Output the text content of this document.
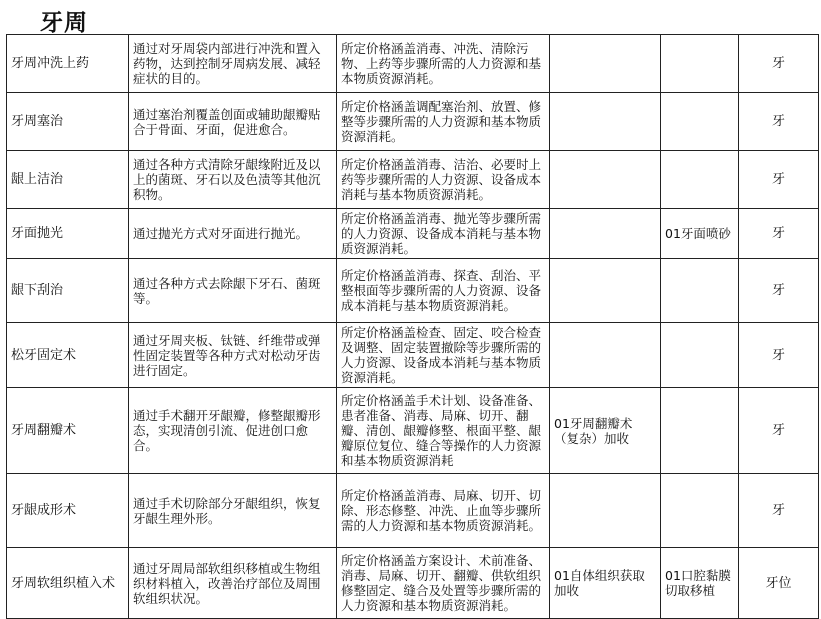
牙周
牙周冲洗上药	通过对牙周袋内部进行冲洗和置入药物，达到控制牙周病发展、减轻症状的目的。	所定价格涵盖消毒、冲洗、清除污物、上药等步骤所需的人力资源和基本物质资源消耗。			牙
牙周塞治	通过塞治剂覆盖创面或辅助龈瓣贴合于骨面、牙面，促进愈合。	所定价格涵盖调配塞治剂、放置、修整等步骤所需的人力资源和基本物质资源消耗。			牙
龈上洁治	通过各种方式清除牙龈缘附近及以上的菌斑、牙石以及色渍等其他沉积物。	所定价格涵盖消毒、洁治、必要时上药等步骤所需的人力资源、设备成本消耗与基本物质资源消耗。			牙
牙面抛光	通过抛光方式对牙面进行抛光。	所定价格涵盖消毒、抛光等步骤所需的人力资源、设备成本消耗与基本物质资源消耗。		01牙面喷砂	牙
龈下刮治	通过各种方式去除龈下牙石、菌斑等。	所定价格涵盖消毒、探查、刮治、平整根面等步骤所需的人力资源、设备成本消耗与基本物质资源消耗。			牙
松牙固定术	通过牙周夹板、钛链、纤维带或弹性固定装置等各种方式对松动牙齿进行固定。	所定价格涵盖检查、固定、咬合检查及调整、固定装置撤除等步骤所需的人力资源、设备成本消耗与基本物质资源消耗。			牙
牙周翻瓣术	通过手术翻开牙龈瓣，修整龈瓣形态，实现清创引流、促进创口愈合。	所定价格涵盖手术计划、设备准备、患者准备、消毒、局麻、切开、翻瓣、清创、龈瓣修整、根面平整、龈瓣原位复位、缝合等操作的人力资源和基本物质资源消耗	01牙周翻瓣术（复杂）加收		牙
牙龈成形术	通过手术切除部分牙龈组织，恢复牙龈生理外形。	所定价格涵盖消毒、局麻、切开、切除、形态修整、冲洗、止血等步骤所需的人力资源和基本物质资源消耗。			牙
牙周软组织植入术	通过牙周局部软组织移植或生物组织材料植入，改善治疗部位及周围软组织状况。	所定价格涵盖方案设计、术前准备、消毒、局麻、切开、翻瓣、供软组织修整固定、缝合及处置等步骤所需的人力资源和基本物质资源消耗。	01自体组织获取加收	01口腔黏膜切取移植	牙位
